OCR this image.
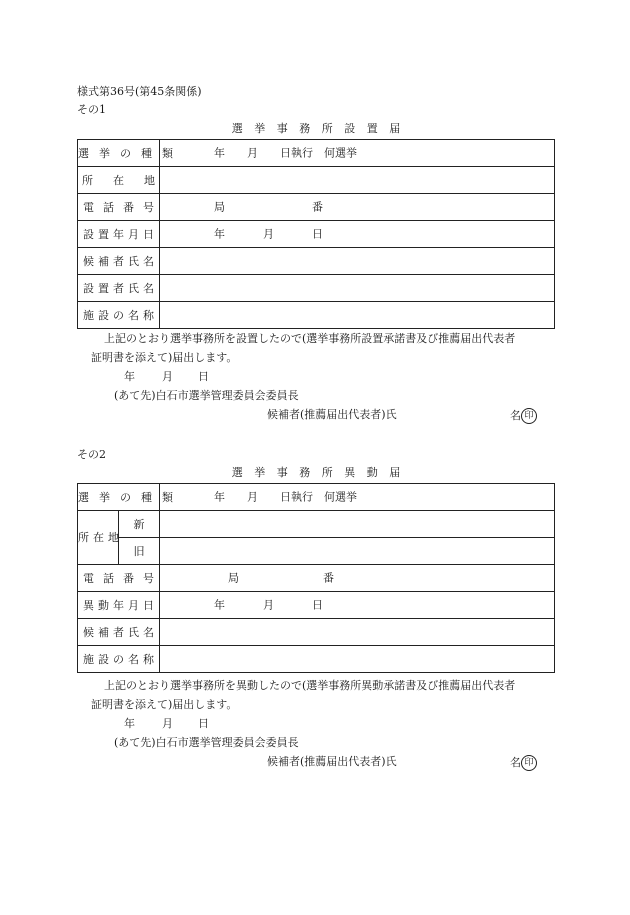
様式第36号(第45条関係)
その1
選 挙 事 務 所 設 置 届
選挙の種類	年　　月　　日執行　何選挙

所在地	
電話番号	局 番

設置年月日	年 月 日

候補者氏名	
設置者氏名	
施設の名称	
上記のとおり選挙事務所を設置したので(選挙事務所設置承諾書及び推薦届出代表者
証明書を添えて)届出します。
年 月 日
(あて先)白石市選挙管理委員会委員長
候補者(推薦届出代表者)氏	名 印
その2
選 挙 事 務 所 異 動 届
選挙の種類		年　　月　　日執行　何選挙

所在地	新	
	旧	
電話番号		局 番

異動年月日		年 月 日

候補者氏名		
施設の名称		
上記のとおり選挙事務所を異動したので(選挙事務所異動承諾書及び推薦届出代表者
証明書を添えて)届出します。
年 月 日
(あて先)白石市選挙管理委員会委員長
候補者(推薦届出代表者)氏	名 印
